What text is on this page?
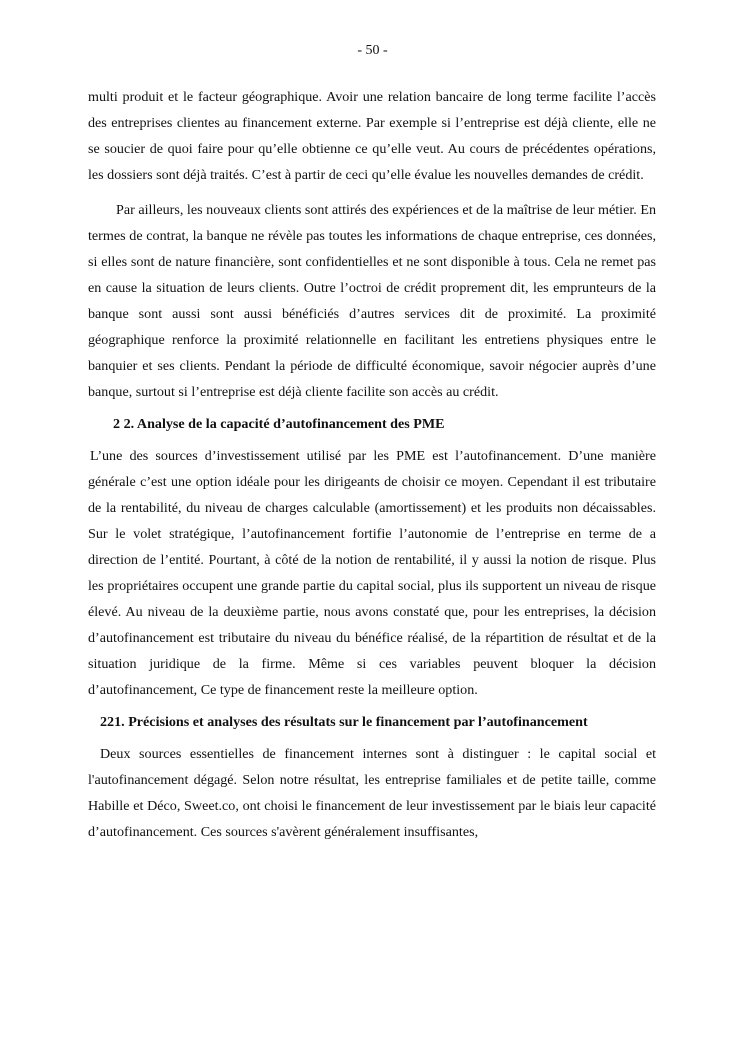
- 50 -

multi produit et le facteur géographique. Avoir une relation bancaire de long terme facilite l’accès des entreprises clientes au financement externe. Par exemple si l’entreprise est déjà cliente, elle ne se soucier de quoi faire pour qu’elle obtienne ce qu’elle veut. Au cours de précédentes opérations, les dossiers sont déjà traités. C’est à partir de ceci qu’elle évalue les nouvelles demandes de crédit.

Par ailleurs, les nouveaux clients sont attirés des expériences et de la maîtrise de leur métier. En termes de contrat, la banque ne révèle pas toutes les informations de chaque entreprise, ces données, si elles sont de nature financière, sont confidentielles et ne sont disponible à tous. Cela ne remet pas en cause la situation de leurs clients. Outre l’octroi de crédit proprement dit, les emprunteurs de la banque sont aussi sont aussi bénéficiés d’autres services dit de proximité. La proximité géographique renforce la proximité relationnelle en facilitant les entretiens physiques entre le banquier et ses clients. Pendant la période de difficulté économique, savoir négocier auprès d’une banque, surtout si l’entreprise est déjà cliente facilite son accès au crédit.

2 2. Analyse de la capacité d’autofinancement des PME

L’une des sources d’investissement utilisé par les PME est l’autofinancement. D’une manière générale c’est une option idéale pour les dirigeants de choisir ce moyen. Cependant il est tributaire de la rentabilité, du niveau de charges calculable (amortissement) et les produits non décaissables. Sur le volet stratégique, l’autofinancement fortifie l’autonomie de l’entreprise en terme de a direction de l’entité. Pourtant, à côté de la notion de rentabilité, il y aussi la notion de risque. Plus les propriétaires occupent une grande partie du capital social, plus ils supportent un niveau de risque élevé. Au niveau de la deuxième partie, nous avons constaté que, pour les entreprises, la décision d’autofinancement est tributaire du niveau du bénéfice réalisé, de la répartition de résultat et de la situation juridique de la firme. Même si ces variables peuvent bloquer la décision d’autofinancement, Ce type de financement reste la meilleure option.

221. Précisions et analyses des résultats sur le financement par l’autofinancement

Deux sources essentielles de financement internes sont à distinguer : le capital social et l'autofinancement dégagé. Selon notre résultat, les entreprise familiales et de petite taille, comme Habille et Déco, Sweet.co, ont choisi le financement de leur investissement par le biais leur capacité d’autofinancement. Ces sources s'avèrent généralement insuffisantes,
